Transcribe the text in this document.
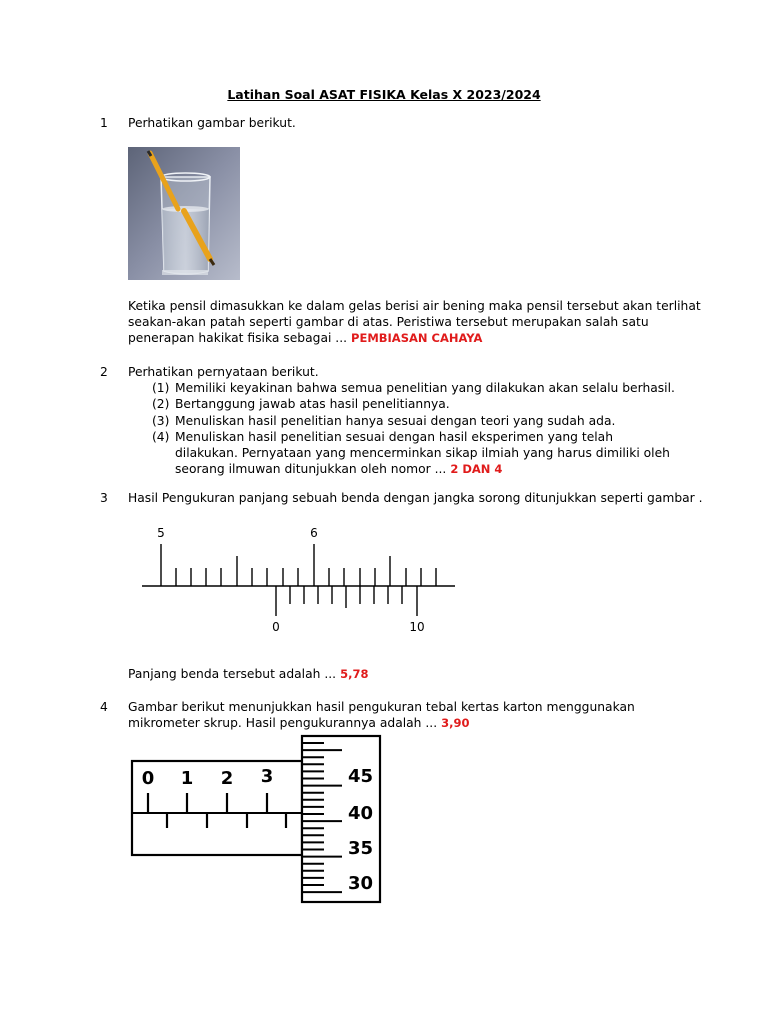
Latihan Soal ASAT FISIKA Kelas X 2023/2024
1 Perhatikan gambar berikut.
Ketika pensil dimasukkan ke dalam gelas berisi air bening maka pensil tersebut akan terlihat
seakan-akan patah seperti gambar di atas. Peristiwa tersebut merupakan salah satu
penerapan hakikat fisika sebagai ... PEMBIASAN CAHAYA
2 Perhatikan pernyataan berikut.
(1) Memiliki keyakinan bahwa semua penelitian yang dilakukan akan selalu berhasil.
(2) Bertanggung jawab atas hasil penelitiannya.
(3) Menuliskan hasil penelitian hanya sesuai dengan teori yang sudah ada.
(4) Menuliskan hasil penelitian sesuai dengan hasil eksperimen yang telah
dilakukan. Pernyataan yang mencerminkan sikap ilmiah yang harus dimiliki oleh
seorang ilmuwan ditunjukkan oleh nomor ... 2 DAN 4
3 Hasil Pengukuran panjang sebuah benda dengan jangka sorong ditunjukkan seperti gambar .
5	6
0	10
Panjang benda tersebut adalah ... 5,78
4 Gambar berikut menunjukkan hasil pengukuran tebal kertas karton menggunakan
mikrometer skrup. Hasil pengukurannya adalah ... 3,90
0 1 2 3	45
40
35
30
